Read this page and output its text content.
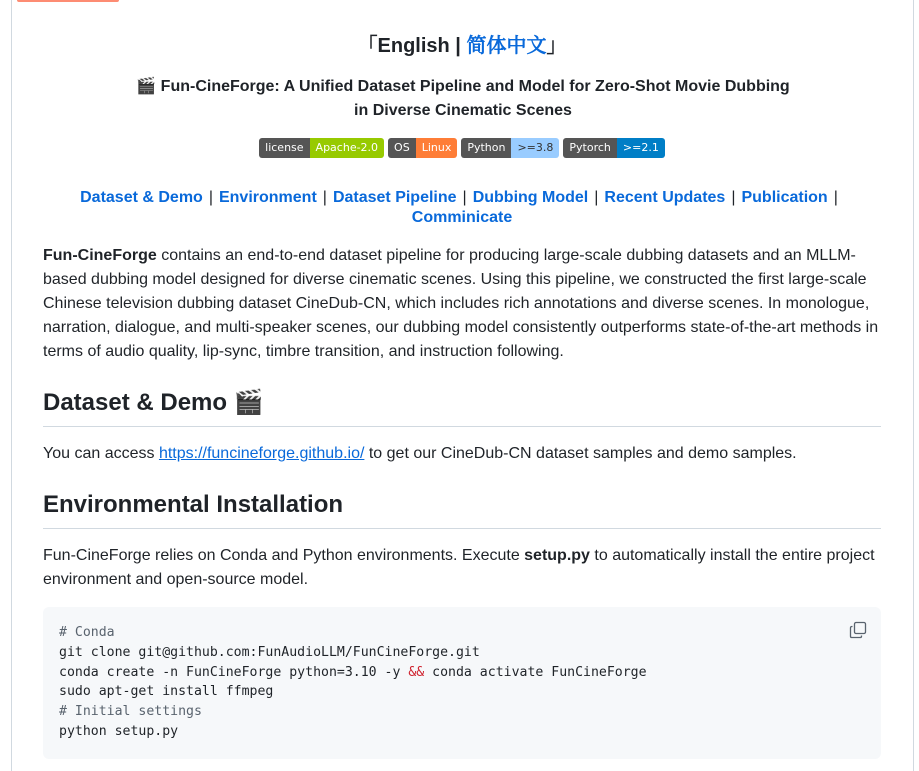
「English | 简体中文」
🎬 Fun-CineForge: A Unified Dataset Pipeline and Model for Zero-Shot Movie Dubbing
in Diverse Cinematic Scenes
license	Apache-2.0	OS	Linux	Python	>=3.8	Pytorch	>=2.1
Dataset & Demo | Environment | Dataset Pipeline | Dubbing Model | Recent Updates | Publication |
Comminicate
Fun-CineForge contains an end-to-end dataset pipeline for producing large-scale dubbing datasets and an MLLM-based dubbing model designed for diverse cinematic scenes. Using this pipeline, we constructed the first large-scale Chinese television dubbing dataset CineDub-CN, which includes rich annotations and diverse scenes. In monologue, narration, dialogue, and multi-speaker scenes, our dubbing model consistently outperforms state-of-the-art methods in terms of audio quality, lip-sync, timbre transition, and instruction following.
Dataset & Demo 🎬
You can access https://funcineforge.github.io/ to get our CineDub-CN dataset samples and demo samples.
Environmental Installation
Fun-CineForge relies on Conda and Python environments. Execute setup.py to automatically install the entire project environment and open-source model.
# Conda
git clone git@github.com:FunAudioLLM/FunCineForge.git
conda create -n FunCineForge python=3.10 -y && conda activate FunCineForge
sudo apt-get install ffmpeg
# Initial settings
python setup.py
